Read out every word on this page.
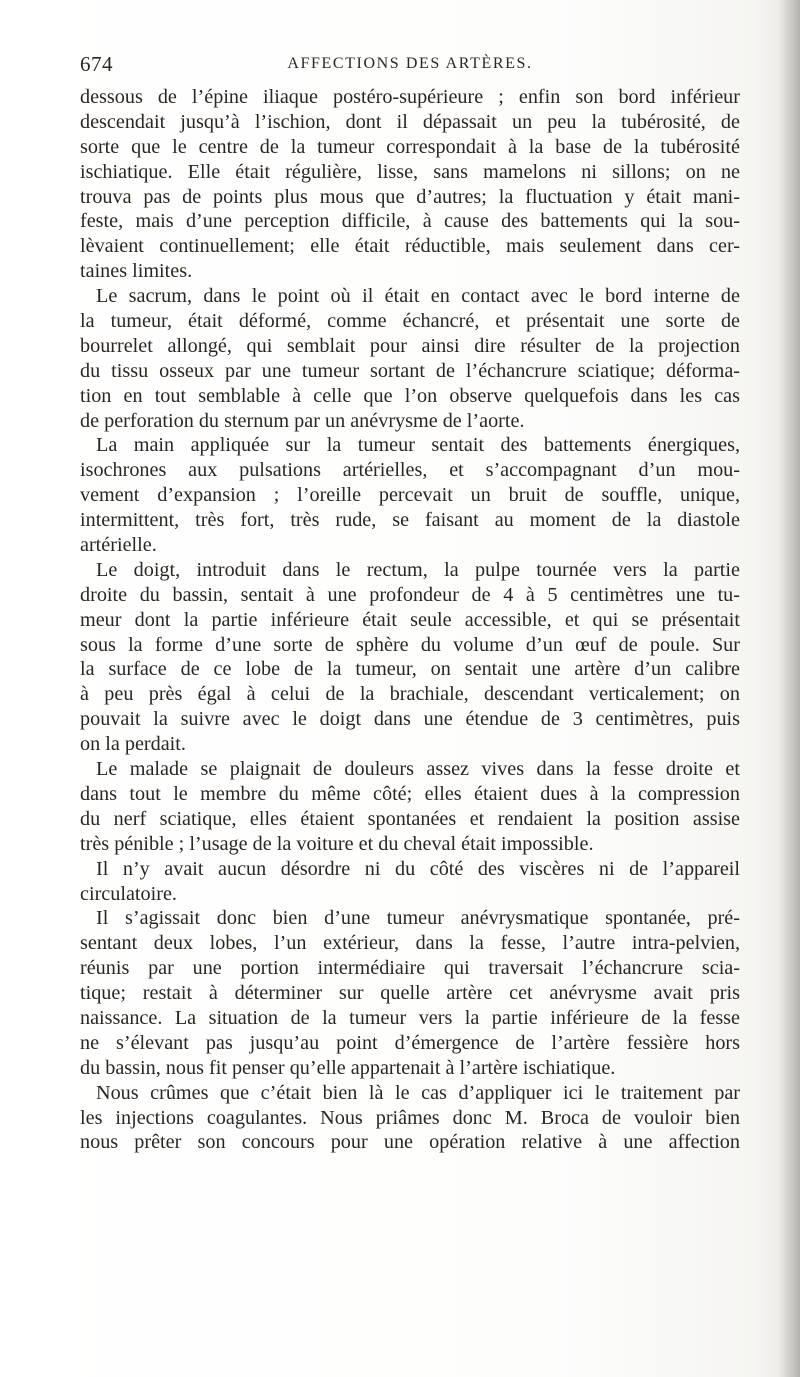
674	AFFECTIONS DES ARTÈRES.
dessous de l’épine iliaque postéro-supérieure ; enfin son bord inférieur
descendait jusqu’à l’ischion, dont il dépassait un peu la tubérosité, de
sorte que le centre de la tumeur correspondait à la base de la tubérosité
ischiatique. Elle était régulière, lisse, sans mamelons ni sillons; on ne
trouva pas de points plus mous que d’autres; la fluctuation y était mani-
feste, mais d’une perception difficile, à cause des battements qui la sou-
lèvaient continuellement; elle était réductible, mais seulement dans cer-
taines limites.
Le sacrum, dans le point où il était en contact avec le bord interne de
la tumeur, était déformé, comme échancré, et présentait une sorte de
bourrelet allongé, qui semblait pour ainsi dire résulter de la projection
du tissu osseux par une tumeur sortant de l’échancrure sciatique; déforma-
tion en tout semblable à celle que l’on observe quelquefois dans les cas
de perforation du sternum par un anévrysme de l’aorte.
La main appliquée sur la tumeur sentait des battements énergiques,
isochrones aux pulsations artérielles, et s’accompagnant d’un mou-
vement d’expansion ; l’oreille percevait un bruit de souffle, unique,
intermittent, très fort, très rude, se faisant au moment de la diastole
artérielle.
Le doigt, introduit dans le rectum, la pulpe tournée vers la partie
droite du bassin, sentait à une profondeur de 4 à 5 centimètres une tu-
meur dont la partie inférieure était seule accessible, et qui se présentait
sous la forme d’une sorte de sphère du volume d’un œuf de poule. Sur
la surface de ce lobe de la tumeur, on sentait une artère d’un calibre
à peu près égal à celui de la brachiale, descendant verticalement; on
pouvait la suivre avec le doigt dans une étendue de 3 centimètres, puis
on la perdait.
Le malade se plaignait de douleurs assez vives dans la fesse droite et
dans tout le membre du même côté; elles étaient dues à la compression
du nerf sciatique, elles étaient spontanées et rendaient la position assise
très pénible ; l’usage de la voiture et du cheval était impossible.
Il n’y avait aucun désordre ni du côté des viscères ni de l’appareil
circulatoire.
Il s’agissait donc bien d’une tumeur anévrysmatique spontanée, pré-
sentant deux lobes, l’un extérieur, dans la fesse, l’autre intra-pelvien,
réunis par une portion intermédiaire qui traversait l’échancrure scia-
tique; restait à déterminer sur quelle artère cet anévrysme avait pris
naissance. La situation de la tumeur vers la partie inférieure de la fesse
ne s’élevant pas jusqu’au point d’émergence de l’artère fessière hors
du bassin, nous fit penser qu’elle appartenait à l’artère ischiatique.
Nous crûmes que c’était bien là le cas d’appliquer ici le traitement par
les injections coagulantes. Nous priâmes donc M. Broca de vouloir bien
nous prêter son concours pour une opération relative à une affection
